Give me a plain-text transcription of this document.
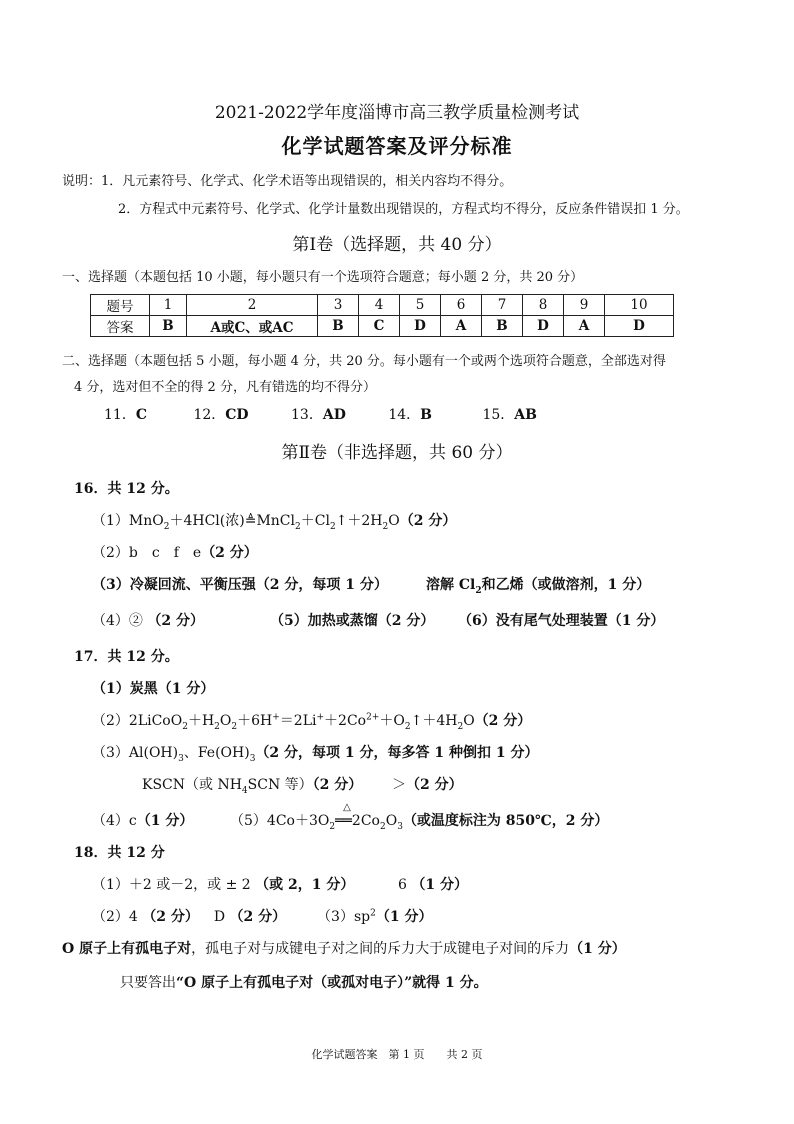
2021-2022学年度淄博市高三教学质量检测考试
化学试题答案及评分标准
说明：1．凡元素符号、化学式、化学术语等出现错误的，相关内容均不得分。
2．方程式中元素符号、化学式、化学计量数出现错误的，方程式均不得分，反应条件错误扣 1 分。
第Ⅰ卷（选择题，共 40 分）
一、选择题（本题包括 10 小题，每小题只有一个选项符合题意；每小题 2 分，共 20 分）
题号	1	2	3	4	5	6	7	8	9	10
答案	B	A或C、或AC	B	C	D	A	B	D	A	D
二、选择题（本题包括 5 小题，每小题 4 分，共 20 分。每小题有一个或两个选项符合题意，全部选对得
4 分，选对但不全的得 2 分，凡有错选的均不得分）
11．C	12．CD	13．AD	14．B	15．AB
第Ⅱ卷（非选择题，共 60 分）
16．共 12 分。
（1）MnO$_2$＋4HCl(浓)$≜MnCl_2+Cl_2↑+2H_2O(2$ 分）
（2）b　c　f　e（2 分）
（3）冷凝回流、平衡压强（2 分，每项 1 分）	溶解 $Cl_2$和乙烯（或做溶剂，1 分）
（4）② （2 分）	（5）加热或蒸馏（2 分） （6）没有尾气处理装置（1 分）
17．共 12 分。
（1）炭黑（1 分）
$(2)2LiCoO_2+H_2O_2+6H^+=2Li^++2Co^{2+}+O_2↑+4H_2O(2$ 分）
$(3)Al(OH)_3$、$Fe(OH)_3(2$ 分，每项 1 分，每多答 1 种倒扣 1 分）
KSCN（或 $NH_4SCN$ 等）（2 分） ＞（2 分）
（4）c（1 分）	$(5)4Co+3O_2$
△
$══2Co_2O_3$（或温度标注为 850℃，2 分）
18．共 12 分
（1）＋2 或－2，或 ± 2 （或 2，1 分）	6 （1 分）
（2）4 （2 分） D （2 分） $(3)sp^2(1$ 分）
O 原子上有孤电子对，孤电子对与成键电子对之间的斥力大于成键电子对间的斥力（1 分）
只要答出“O 原子上有孤电子对（或孤对电子）”就得 1 分。
化学试题答案　第 1 页　　共 2 页
